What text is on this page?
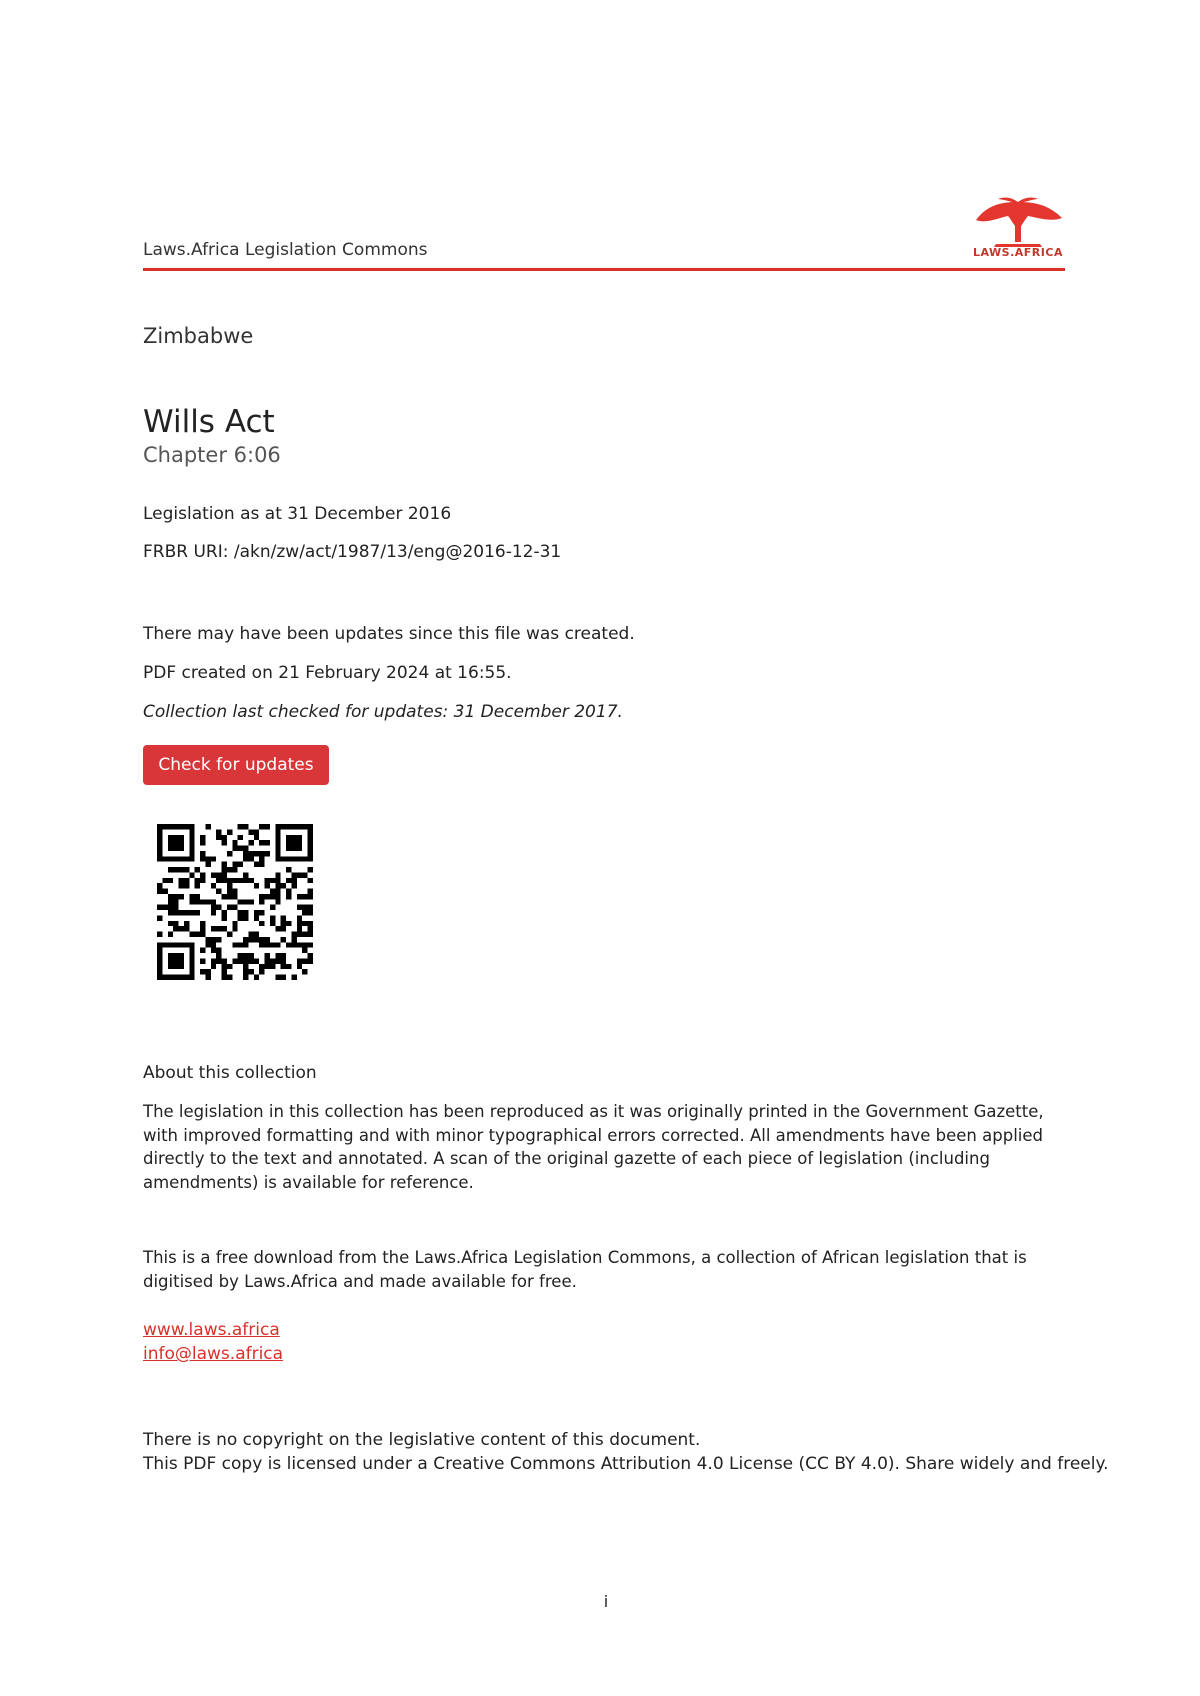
Laws.Africa Legislation Commons	LAWS.AFRICA
Zimbabwe
Wills Act
Chapter 6:06
Legislation as at 31 December 2016
FRBR URI: /akn/zw/act/1987/13/eng@2016-12-31
There may have been updates since this file was created.
PDF created on 21 February 2024 at 16:55.
Collection last checked for updates: 31 December 2017.
Check for updates
About this collection
The legislation in this collection has been reproduced as it was originally printed in the Government Gazette, with improved formatting and with minor typographical errors corrected. All amendments have been applied directly to the text and annotated. A scan of the original gazette of each piece of legislation (including amendments) is available for reference.
This is a free download from the Laws.Africa Legislation Commons, a collection of African legislation that is digitised by Laws.Africa and made available for free.
www.laws.africa
info@laws.africa
There is no copyright on the legislative content of this document.
This PDF copy is licensed under a Creative Commons Attribution 4.0 License (CC BY 4.0). Share widely and freely.
i
